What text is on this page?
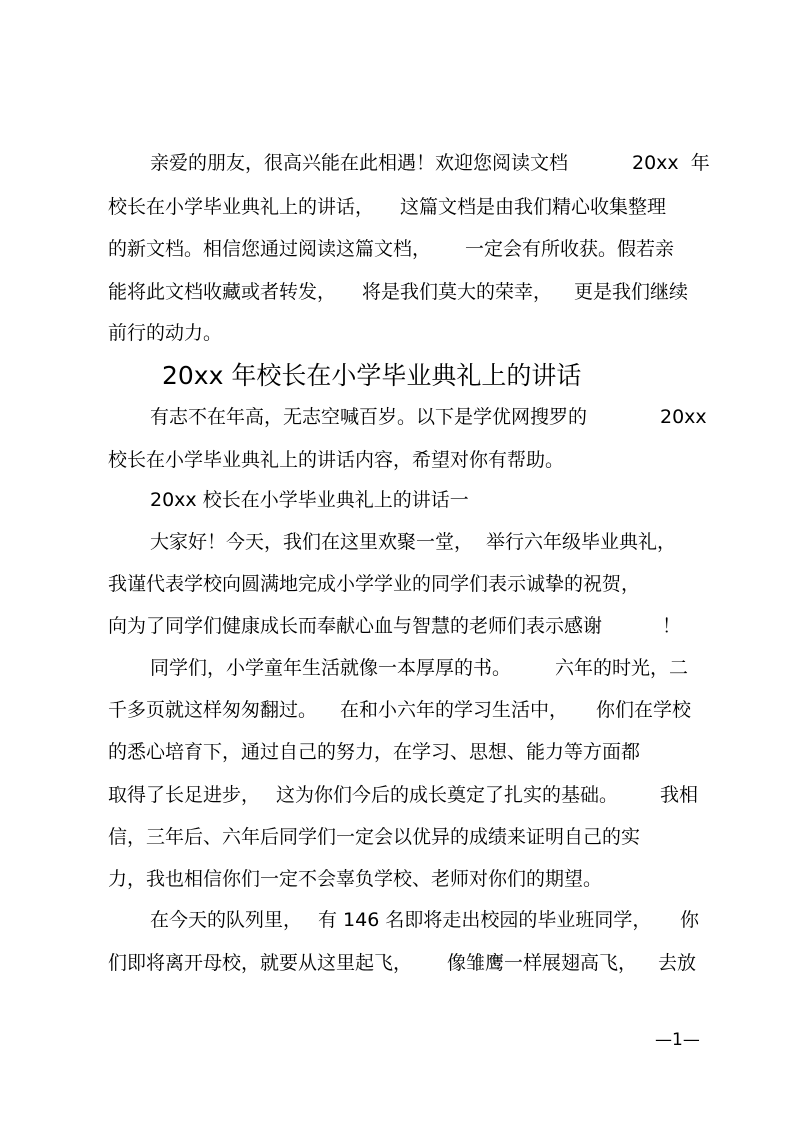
亲爱的朋友，很高兴能在此相遇！欢迎您阅读文档	20xx  年
校长在小学毕业典礼上的讲话， 这篇文档是由我们精心收集整理
的新文档。相信您通过阅读这篇文档， 一定会有所收获。假若亲
能将此文档收藏或者转发， 将是我们莫大的荣幸， 更是我们继续
前行的动力。
20xx 年校长在小学毕业典礼上的讲话
有志不在年高，无志空喊百岁。以下是学优网搜罗的	20xx
校长在小学毕业典礼上的讲话内容，希望对你有帮助。
20xx 校长在小学毕业典礼上的讲话一
大家好！今天，我们在这里欢聚一堂， 举行六年级毕业典礼，
我谨代表学校向圆满地完成小学学业的同学们表示诚挚的祝贺，
向为了同学们健康成长而奉献心血与智慧的老师们表示感谢	！
同学们，小学童年生活就像一本厚厚的书。 六年的时光，二
千多页就这样匆匆翻过。 在和小六年的学习生活中， 你们在学校
的悉心培育下，通过自己的努力，在学习、思想、能力等方面都
取得了长足进步， 这为你们今后的成长奠定了扎实的基础。 我相
信，三年后、六年后同学们一定会以优异的成绩来证明自己的实
力，我也相信你们一定不会辜负学校、老师对你们的期望。
在今天的队列里， 有 146 名即将走出校园的毕业班同学， 你
们即将离开母校，就要从这里起飞， 像雏鹰一样展翅高飞， 去放
—1—
